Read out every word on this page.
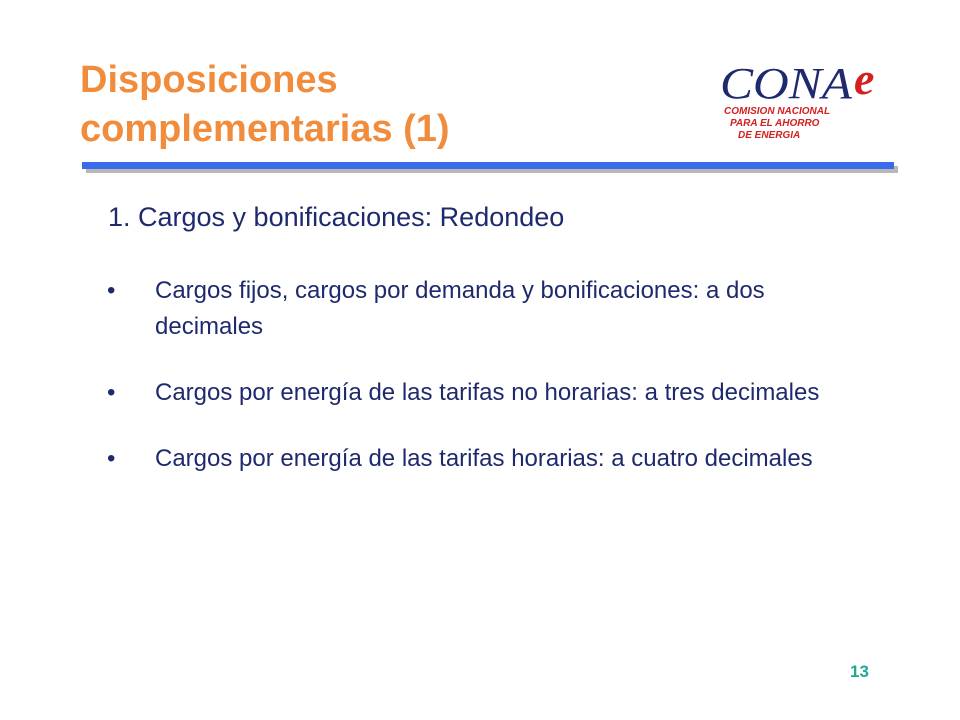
Disposiciones
complementarias (1)
CONA e
COMISION NACIONAL
PARA EL AHORRO
DE ENERGIA
1. Cargos y bonificaciones: Redondeo
• Cargos fijos, cargos por demanda y bonificaciones: a dos decimales
• Cargos por energía de las tarifas no horarias: a tres decimales
• Cargos por energía de las tarifas horarias: a cuatro decimales
13
